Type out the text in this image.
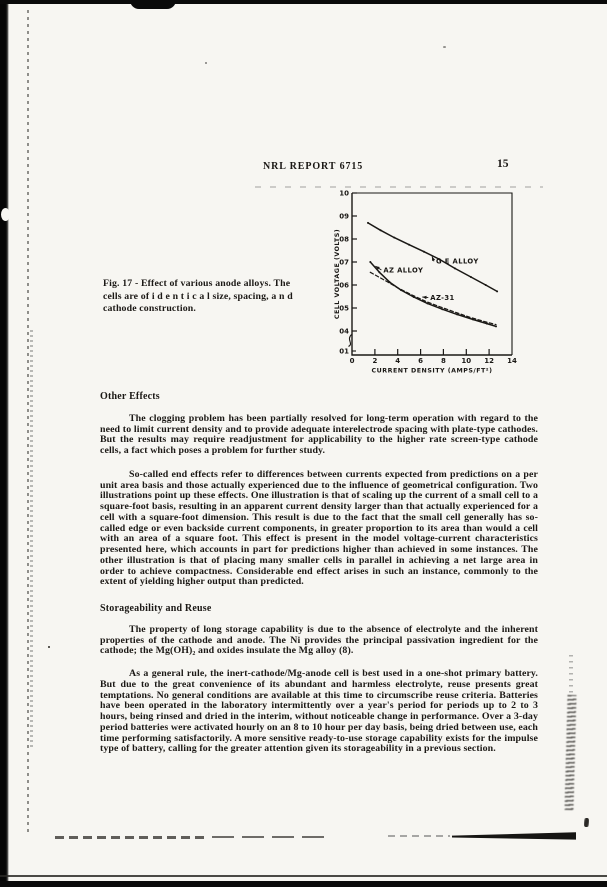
NRL REPORT 6715	15
Fig. 17 - Effect of various anode alloys. The
cells are of i d e n t i c a l size, spacing, a n d
cathode construction.
10
09
08
07
06
05
04
01
0	2	4	6	8 10 12 14
G E ALLOY
AZ ALLOY
AZ-31
CURRENT DENSITY (AMPS/FT²)
CELL VOLTAGE (VOLTS)
Other Effects

The clogging problem has been partially resolved for long-term operation with regard to the need to limit current density and to provide adequate interelectrode spacing with plate-type cathodes. But the results may require readjustment for applicability to the higher rate screen-type cathode cells, a fact which poses a problem for further study.

So-called end effects refer to differences between currents expected from predictions on a per unit area basis and those actually experienced due to the influence of geometrical configuration. Two illustrations point up these effects. One illustration is that of scaling up the current of a small cell to a square-foot basis, resulting in an apparent current density larger than that actually experienced for a cell with a square-foot dimension. This result is due to the fact that the small cell generally has so-called edge or even backside current components, in greater proportion to its area than would a cell with an area of a square foot. This effect is present in the model voltage-current characteristics presented here, which accounts in part for predictions higher than achieved in some instances. The other illustration is that of placing many smaller cells in parallel in achieving a net large area in order to achieve compactness. Considerable end effect arises in such an instance, commonly to the extent of yielding higher output than predicted.

Storageability and Reuse

The property of long storage capability is due to the absence of electrolyte and the inherent properties of the cathode and anode. The Ni provides the principal passivation ingredient for the cathode; the Mg(OH)₂ and oxides insulate the Mg alloy (8).

As a general rule, the inert-cathode/Mg-anode cell is best used in a one-shot primary battery. But due to the great convenience of its abundant and harmless electrolyte, reuse presents great temptations. No general conditions are available at this time to circumscribe reuse criteria. Batteries have been operated in the laboratory intermittently over a year's period for periods up to 2 to 3 hours, being rinsed and dried in the interim, without noticeable change in performance. Over a 3-day period batteries were activated hourly on an 8 to 10 hour per day basis, being dried between use, each time performing satisfactorily. A more sensitive ready-to-use storage capability exists for the impulse type of battery, calling for the greater attention given its storageability in a previous section.
